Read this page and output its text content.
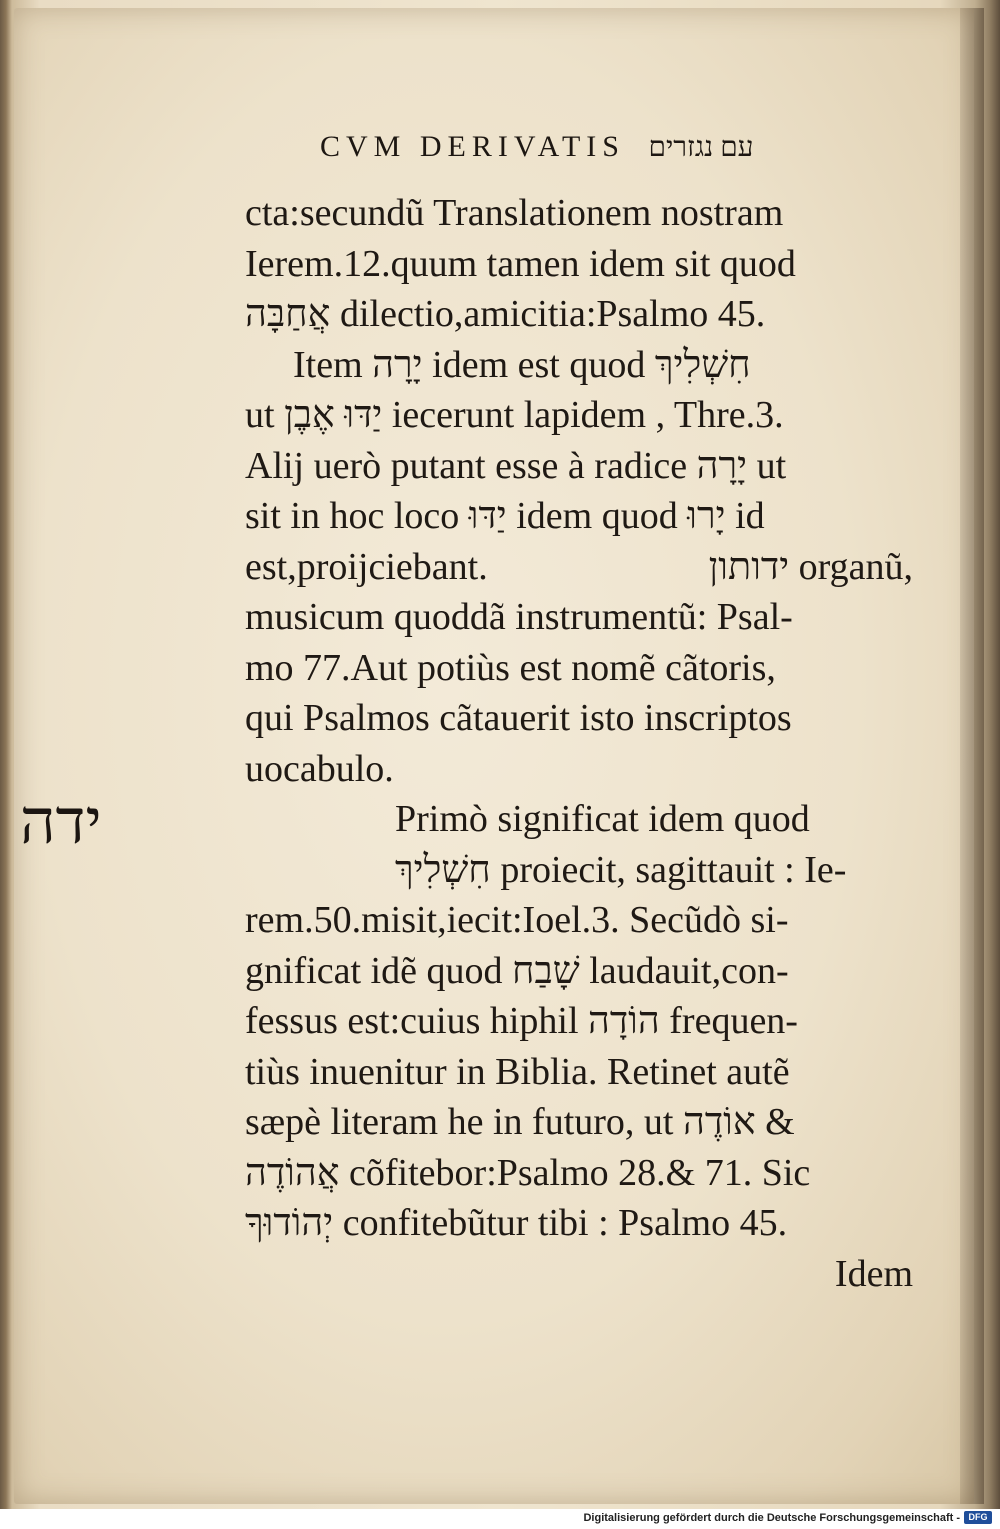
CVM DERIVATIS עם נגזרים
ידה
cta:secundũ Translationem nostram
Ierem.12.quum tamen idem sit quod
אֲחַבָּה dilectio,amicitia:Psalmo 45.
Item יָרָה idem est quod חִשְׁלִיךְ
ut יַדּוּ אֶבֶן iecerunt lapidem , Thre.3.
Alij uerò putant esse à radice יָרָה ut
sit in hoc loco יַדּוּ idem quod יָרוּ id
est,proijciebant.	ידותון organũ,
musicum quoddã instrumentũ: Psal-
mo 77.Aut potiùs est nomẽ cãtoris,
qui Psalmos cãtauerit isto inscriptos
uocabulo.
Primò significat idem quod
חִשְׁלִיךְ proiecit, sagittauit : Ie-
rem.50.misit,iecit:Ioel.3. Secũdò si-
gnificat idẽ quod שָׁבַח laudauit,con-
fessus est:cuius hiphil הוֹדָה frequen-
tiùs inuenitur in Biblia. Retinet autẽ
sæpè literam he in futuro, ut אוֹדֶה &
אֲהוֹדֶה cõfitebor:Psalmo 28.& 71. Sic
יְהוֹדוּךָ confitebũtur tibi : Psalmo 45.
Idem
Digitalisierung gefördert durch die Deutsche Forschungsgemeinschaft - DFG
